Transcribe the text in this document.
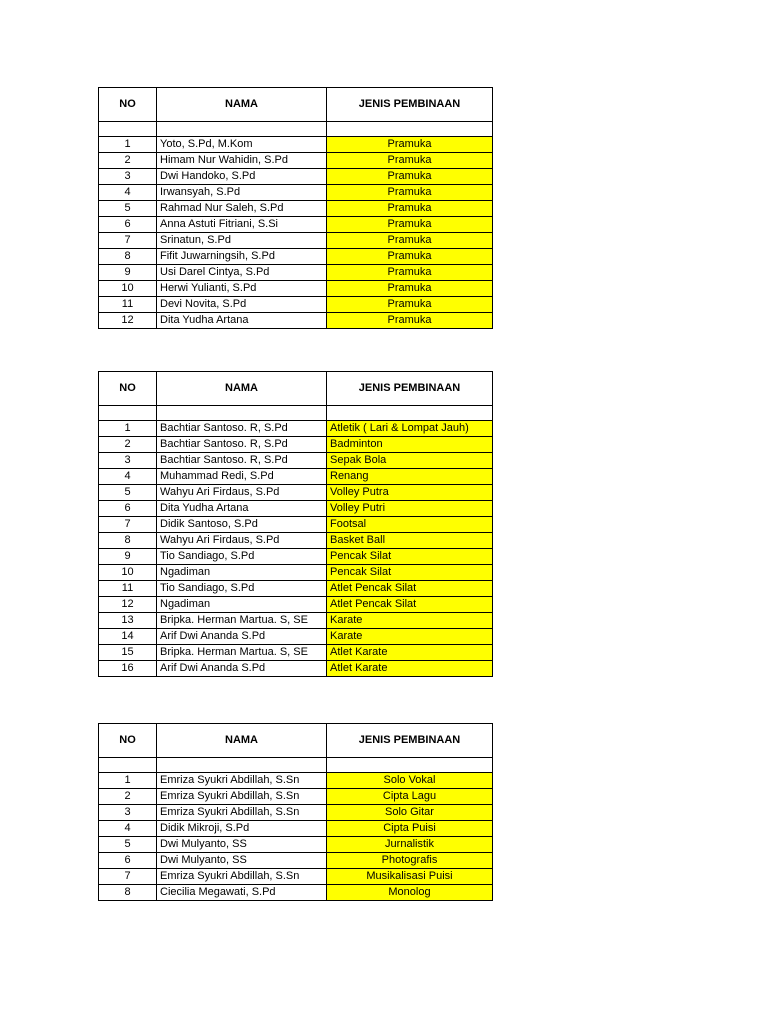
NO	NAMA	JENIS PEMBINAAN

1	Yoto, S.Pd, M.Kom	Pramuka
2	Himam Nur Wahidin, S.Pd	Pramuka
3	Dwi Handoko, S.Pd	Pramuka
4	Irwansyah, S.Pd	Pramuka
5	Rahmad Nur Saleh, S.Pd	Pramuka
6	Anna Astuti Fitriani, S.Si	Pramuka
7	Srinatun, S.Pd	Pramuka
8	Fifit Juwarningsih, S.Pd	Pramuka
9	Usi Darel Cintya, S.Pd	Pramuka
10	Herwi Yulianti, S.Pd	Pramuka
11	Devi Novita, S.Pd	Pramuka
12	Dita Yudha Artana	Pramuka
NO	NAMA	JENIS PEMBINAAN

1	Bachtiar Santoso. R, S.Pd	Atletik ( Lari & Lompat Jauh)
2	Bachtiar Santoso. R, S.Pd	Badminton
3	Bachtiar Santoso. R, S.Pd	Sepak Bola
4	Muhammad Redi, S.Pd	Renang
5	Wahyu Ari Firdaus, S.Pd	Volley Putra
6	Dita Yudha Artana	Volley Putri
7	Didik Santoso, S.Pd	Footsal
8	Wahyu Ari Firdaus, S.Pd	Basket Ball
9	Tio Sandiago, S.Pd	Pencak Silat
10	Ngadiman	Pencak Silat
11	Tio Sandiago, S.Pd	Atlet Pencak Silat
12	Ngadiman	Atlet Pencak Silat
13	Bripka. Herman Martua. S, SE	Karate
14	Arif Dwi Ananda S.Pd	Karate
15	Bripka. Herman Martua. S, SE	Atlet Karate
16	Arif Dwi Ananda S.Pd	Atlet Karate
NO	NAMA	JENIS PEMBINAAN

1	Emriza Syukri Abdillah, S.Sn	Solo Vokal
2	Emriza Syukri Abdillah, S.Sn	Cipta Lagu
3	Emriza Syukri Abdillah, S.Sn	Solo Gitar
4	Didik Mikroji, S.Pd	Cipta Puisi
5	Dwi Mulyanto, SS	Jurnalistik
6	Dwi Mulyanto, SS	Photografis
7	Emriza Syukri Abdillah, S.Sn	Musikalisasi Puisi
8	Ciecilia Megawati, S.Pd	Monolog
